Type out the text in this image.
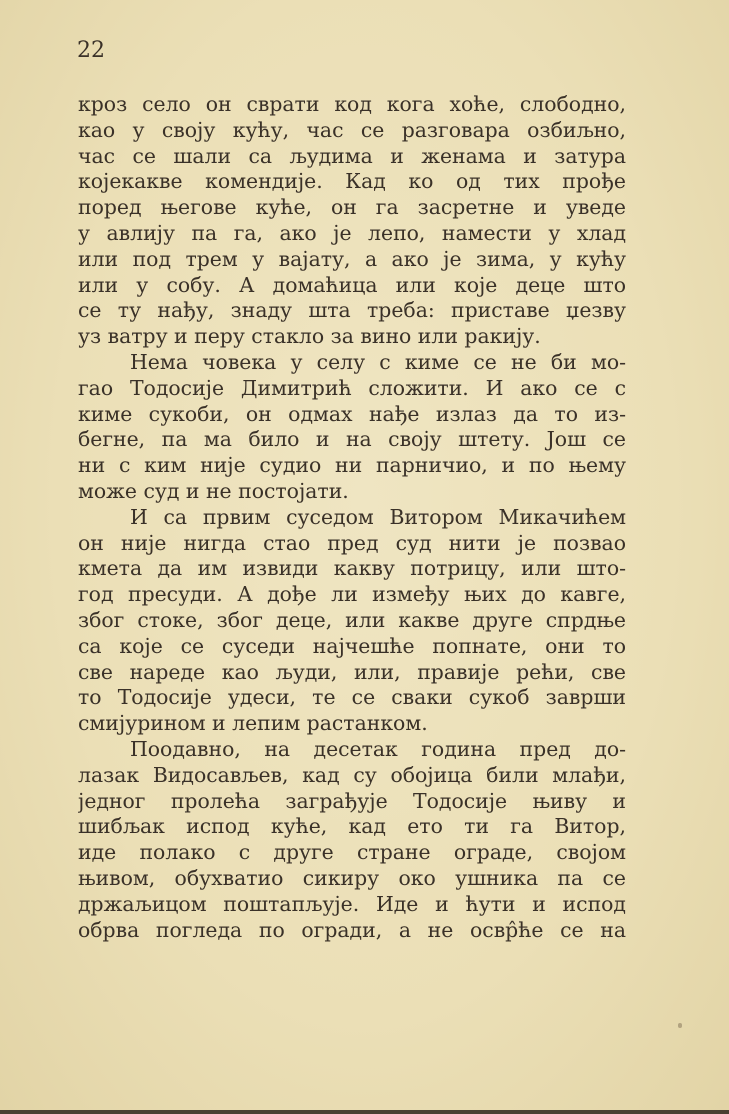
22
кроз село он сврати код кога хоће, слободно,
као у своју кућу, час се разговара озбиљно,
час се шали са људима и женама и затура
којекакве комендије. Кад ко од тих прође
поред његове куће, он га засретне и уведе
у авлију па га, ако је лепо, намести у хлад
или под трем у вајату, а ако је зима, у кућу
или у собу. А домаћица или које деце што
се ту нађу, знаду шта треба: приставе џезву
уз ватру и перу стакло за вино или ракију.
Нема човека у селу с киме се не би мо-
гао Тодосије Димитрић сложити. И ако се с
киме сукоби, он одмах нађе излаз да то из-
бегне, па ма било и на своју штету. Још се
ни с ким није судио ни парничио, и по њему
може суд и не постојати.
И са првим суседом Витором Микачићем
он није нигда стао пред суд нити је позвао
кмета да им извиди какву потрицу, или што-
год пресуди. А дође ли између њих до кавге,
због стоке, због деце, или какве друге спрдње
са које се суседи најчешће попнате, они то
све нареде као људи, или, правије рећи, све
то Тодосије удеси, те се сваки сукоб заврши
смијурином и лепим растанком.
Поодавно, на десетак година пред до-
лазак Видосављев, кад су обојица били млађи,
једног пролећа заграђује Тодосије њиву и
шибљак испод куће, кад ето ти га Витор,
иде полако с друге стране ограде, својом
њивом, обухватио сикиру око ушника па се
држаљицом поштапљује. Иде и ћути и испод
обрва погледа по огради, а не освр̂ће се на
